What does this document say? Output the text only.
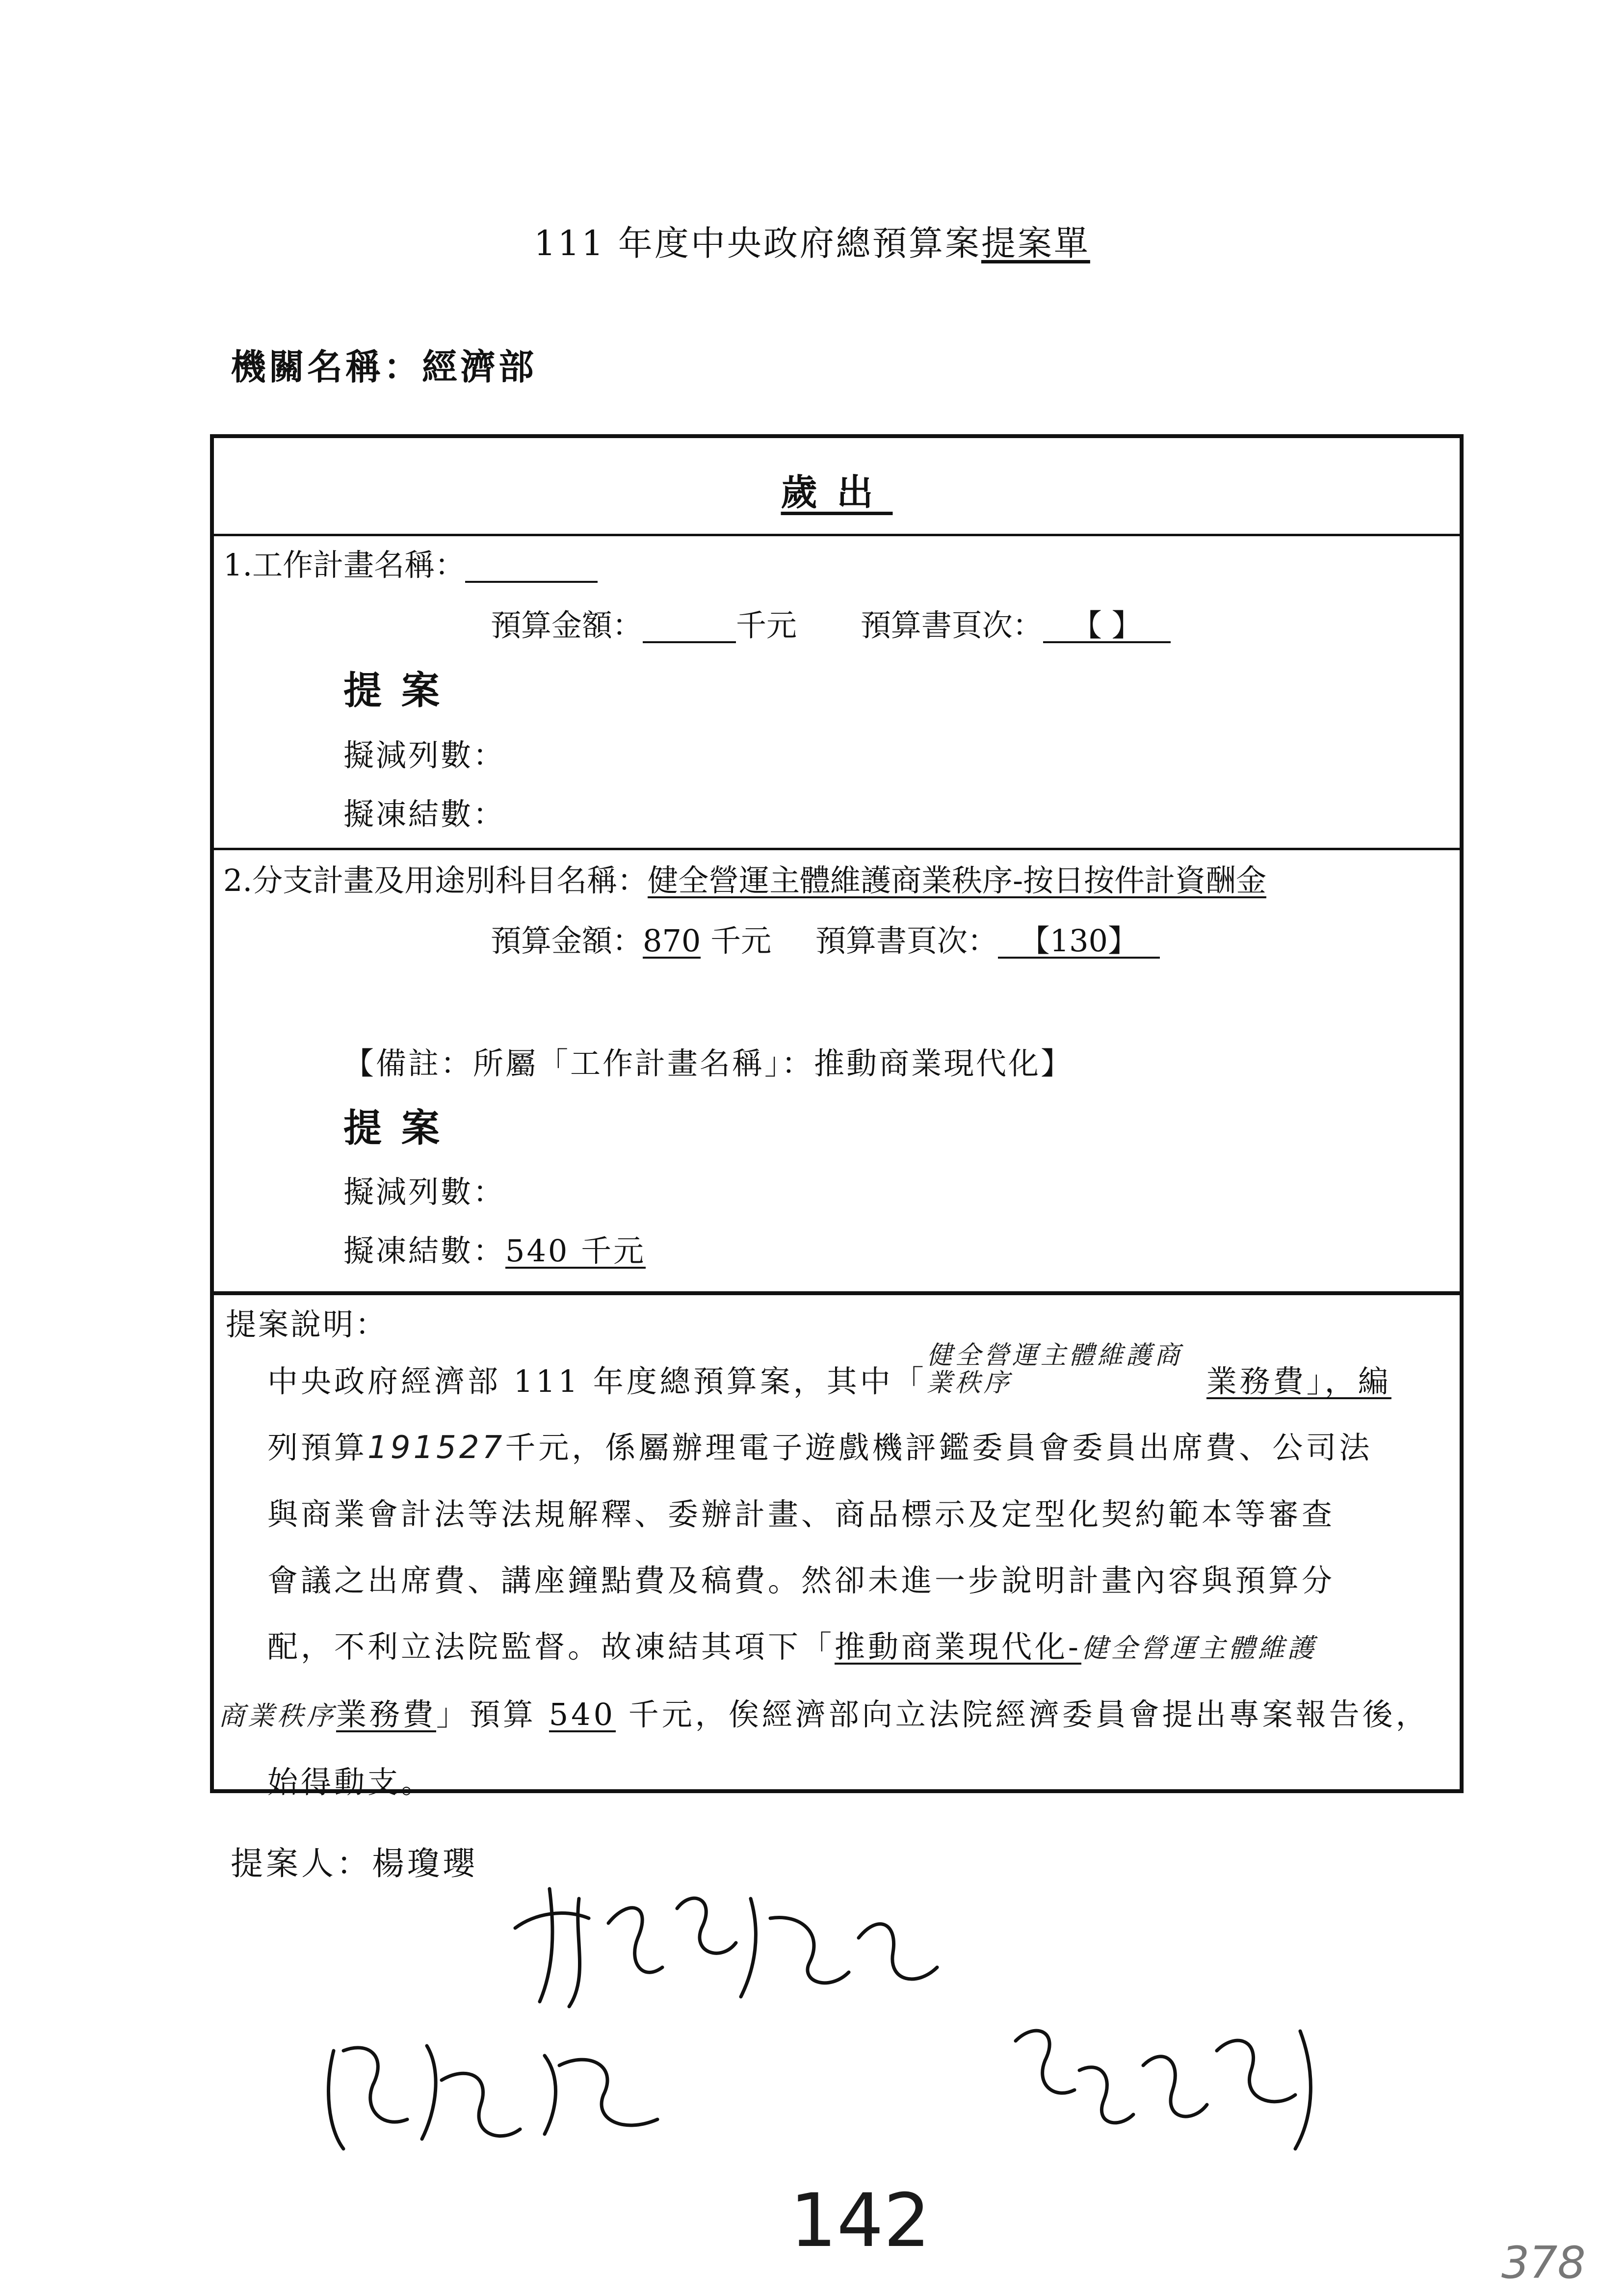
111 年度中央政府總預算案提案單
機關名稱：經濟部
歲出
1.工作計畫名稱：
預算金額：	千元 預算書頁次： 【 】
提案
擬減列數：
擬凍結數：
2.分支計畫及用途別科目名稱：健全營運主體維護商業秩序-按日按件計資酬金
預算金額：870 千元 預算書頁次： 【130】
【備註：所屬「工作計畫名稱」：推動商業現代化】
提案
擬減列數：
擬凍結數：540 千元
提案說明：
中央政府經濟部 111 年度總預算案，其中「健全營運主體維護商業秩序	業務費」，編
列預算191527千元，係屬辦理電子遊戲機評鑑委員會委員出席費、公司法
與商業會計法等法規解釋、委辦計畫、商品標示及定型化契約範本等審查
會議之出席費、講座鐘點費及稿費。然卻未進一步說明計畫內容與預算分
配，不利立法院監督。故凍結其項下「推動商業現代化-健全營運主體維護
商業秩序業務費」預算 540 千元，俟經濟部向立法院經濟委員會提出專案報告後，
始得動支。
提案人：楊瓊瓔
142	378
